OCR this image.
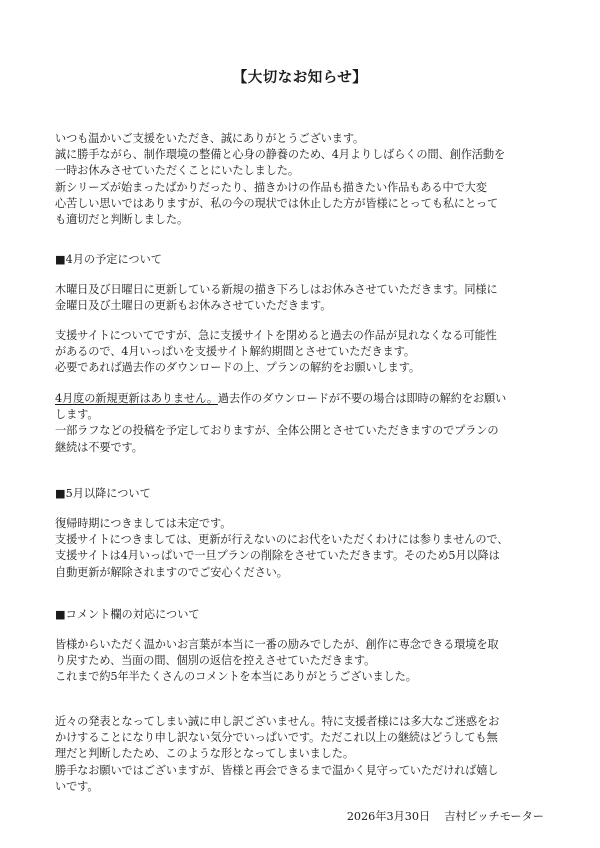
【大切なお知らせ】

いつも温かいご支援をいただき、誠にありがとうございます。

誠に勝手ながら、制作環境の整備と心身の静養のため、4月よりしばらくの間、創作活動を

一時お休みさせていただくことにいたしました。

新シリーズが始まったばかりだったり、描きかけの作品も描きたい作品もある中で大変

心苦しい思いではありますが、私の今の現状では休止した方が皆様にとっても私にとって

も適切だと判断しました。

■4月の予定について

木曜日及び日曜日に更新している新規の描き下ろしはお休みさせていただきます。同様に

金曜日及び土曜日の更新もお休みさせていただきます。

支援サイトについてですが、急に支援サイトを閉めると過去の作品が見れなくなる可能性

があるので、4月いっぱいを支援サイト解約期間とさせていただきます。

必要であれば過去作のダウンロードの上、プランの解約をお願いします。

4月度の新規更新はありません。過去作のダウンロードが不要の場合は即時の解約をお願い

します。

一部ラフなどの投稿を予定しておりますが、全体公開とさせていただきますのでプランの

継続は不要です。

■5月以降について

復帰時期につきましては未定です。

支援サイトにつきましては、更新が行えないのにお代をいただくわけには参りませんので、

支援サイトは4月いっぱいで一旦プランの削除をさせていただきます。そのため5月以降は

自動更新が解除されますのでご安心ください。

■コメント欄の対応について

皆様からいただく温かいお言葉が本当に一番の励みでしたが、創作に専念できる環境を取

り戻すため、当面の間、個別の返信を控えさせていただきます。

これまで約5年半たくさんのコメントを本当にありがとうございました。

近々の発表となってしまい誠に申し訳ございません。特に支援者様には多大なご迷惑をお

かけすることになり申し訳ない気分でいっぱいです。ただこれ以上の継続はどうしても無

理だと判断したため、このような形となってしまいました。

勝手なお願いではございますが、皆様と再会できるまで温かく見守っていただければ嬉し

いです。

2026年3月30日 吉村ビッチモーター
